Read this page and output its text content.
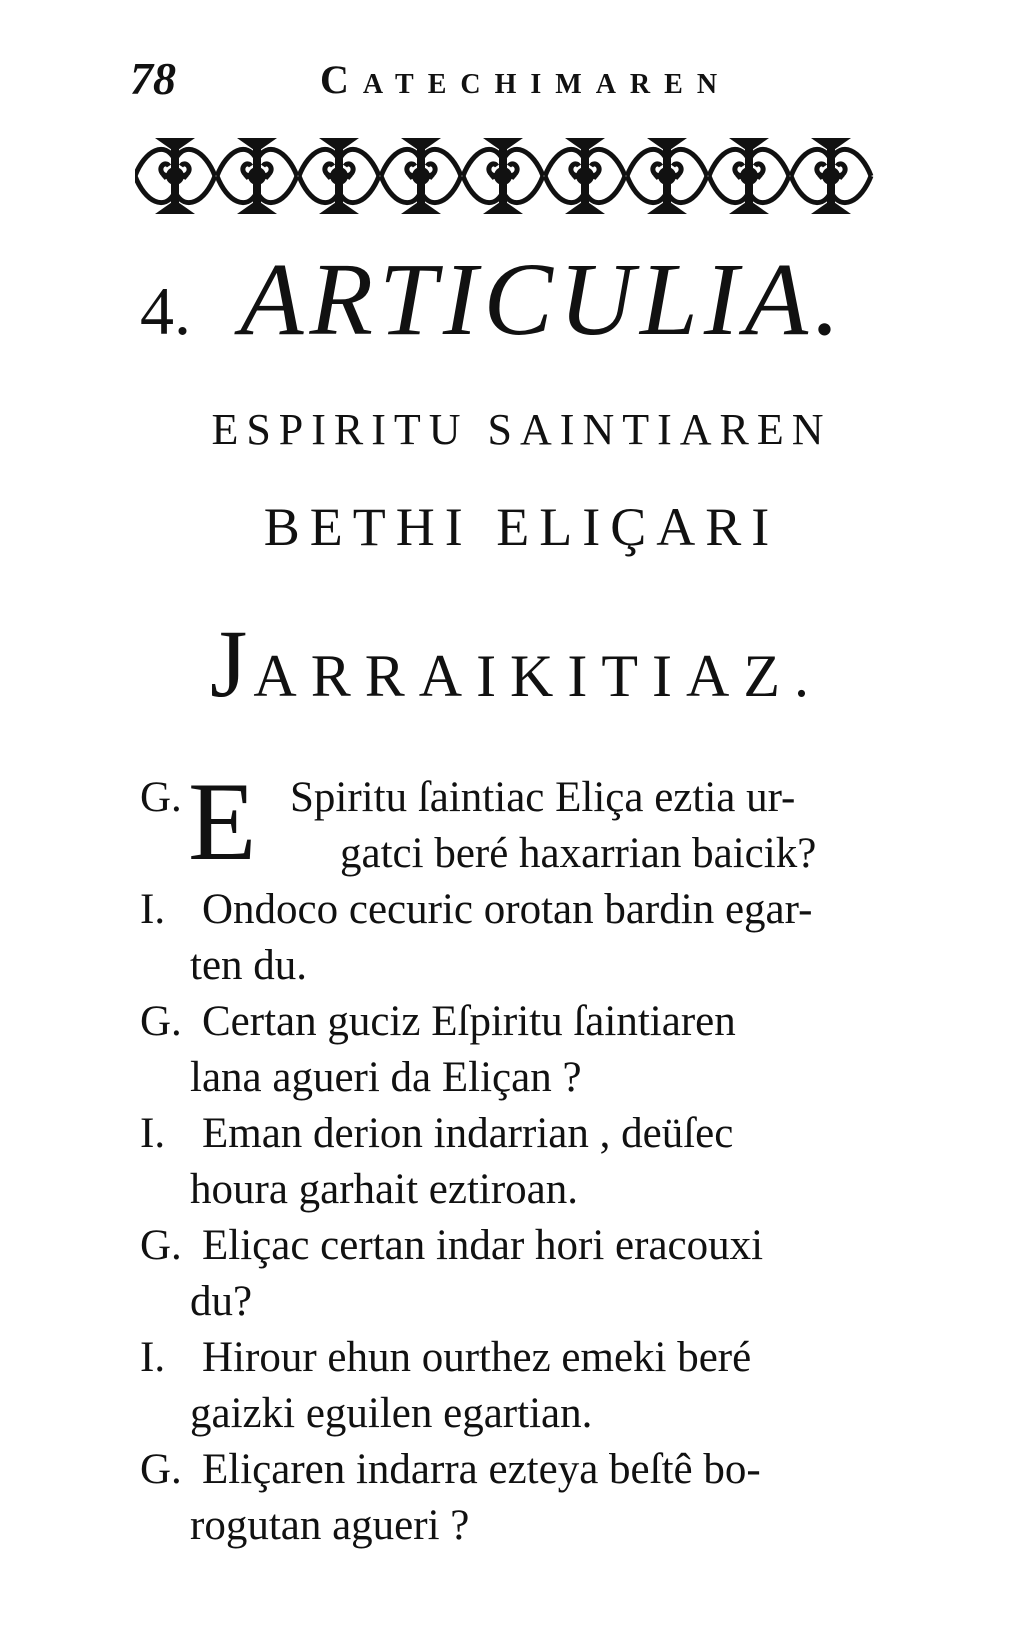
78	Catechimaren
4. ARTICULIA.
ESPIRITU SAINTIAREN
BETHI ELIÇARI
JARRAIKITIAZ.
G. E Spiritu ſaintiac Eliça eztia ur-
gatci beré haxarrian baicik?
I. Ondoco cecuric orotan bardin egar-
ten du.
G. Certan guciz Eſpiritu ſaintiaren
lana agueri da Eliçan ?
I. Eman derion indarrian , deüſec
houra garhait eztiroan.
G. Eliçac certan indar hori eracouxi
du?
I. Hirour ehun ourthez emeki beré
gaizki eguilen egartian.
G. Eliçaren indarra ezteya beſtê bo-
rogutan agueri ?
